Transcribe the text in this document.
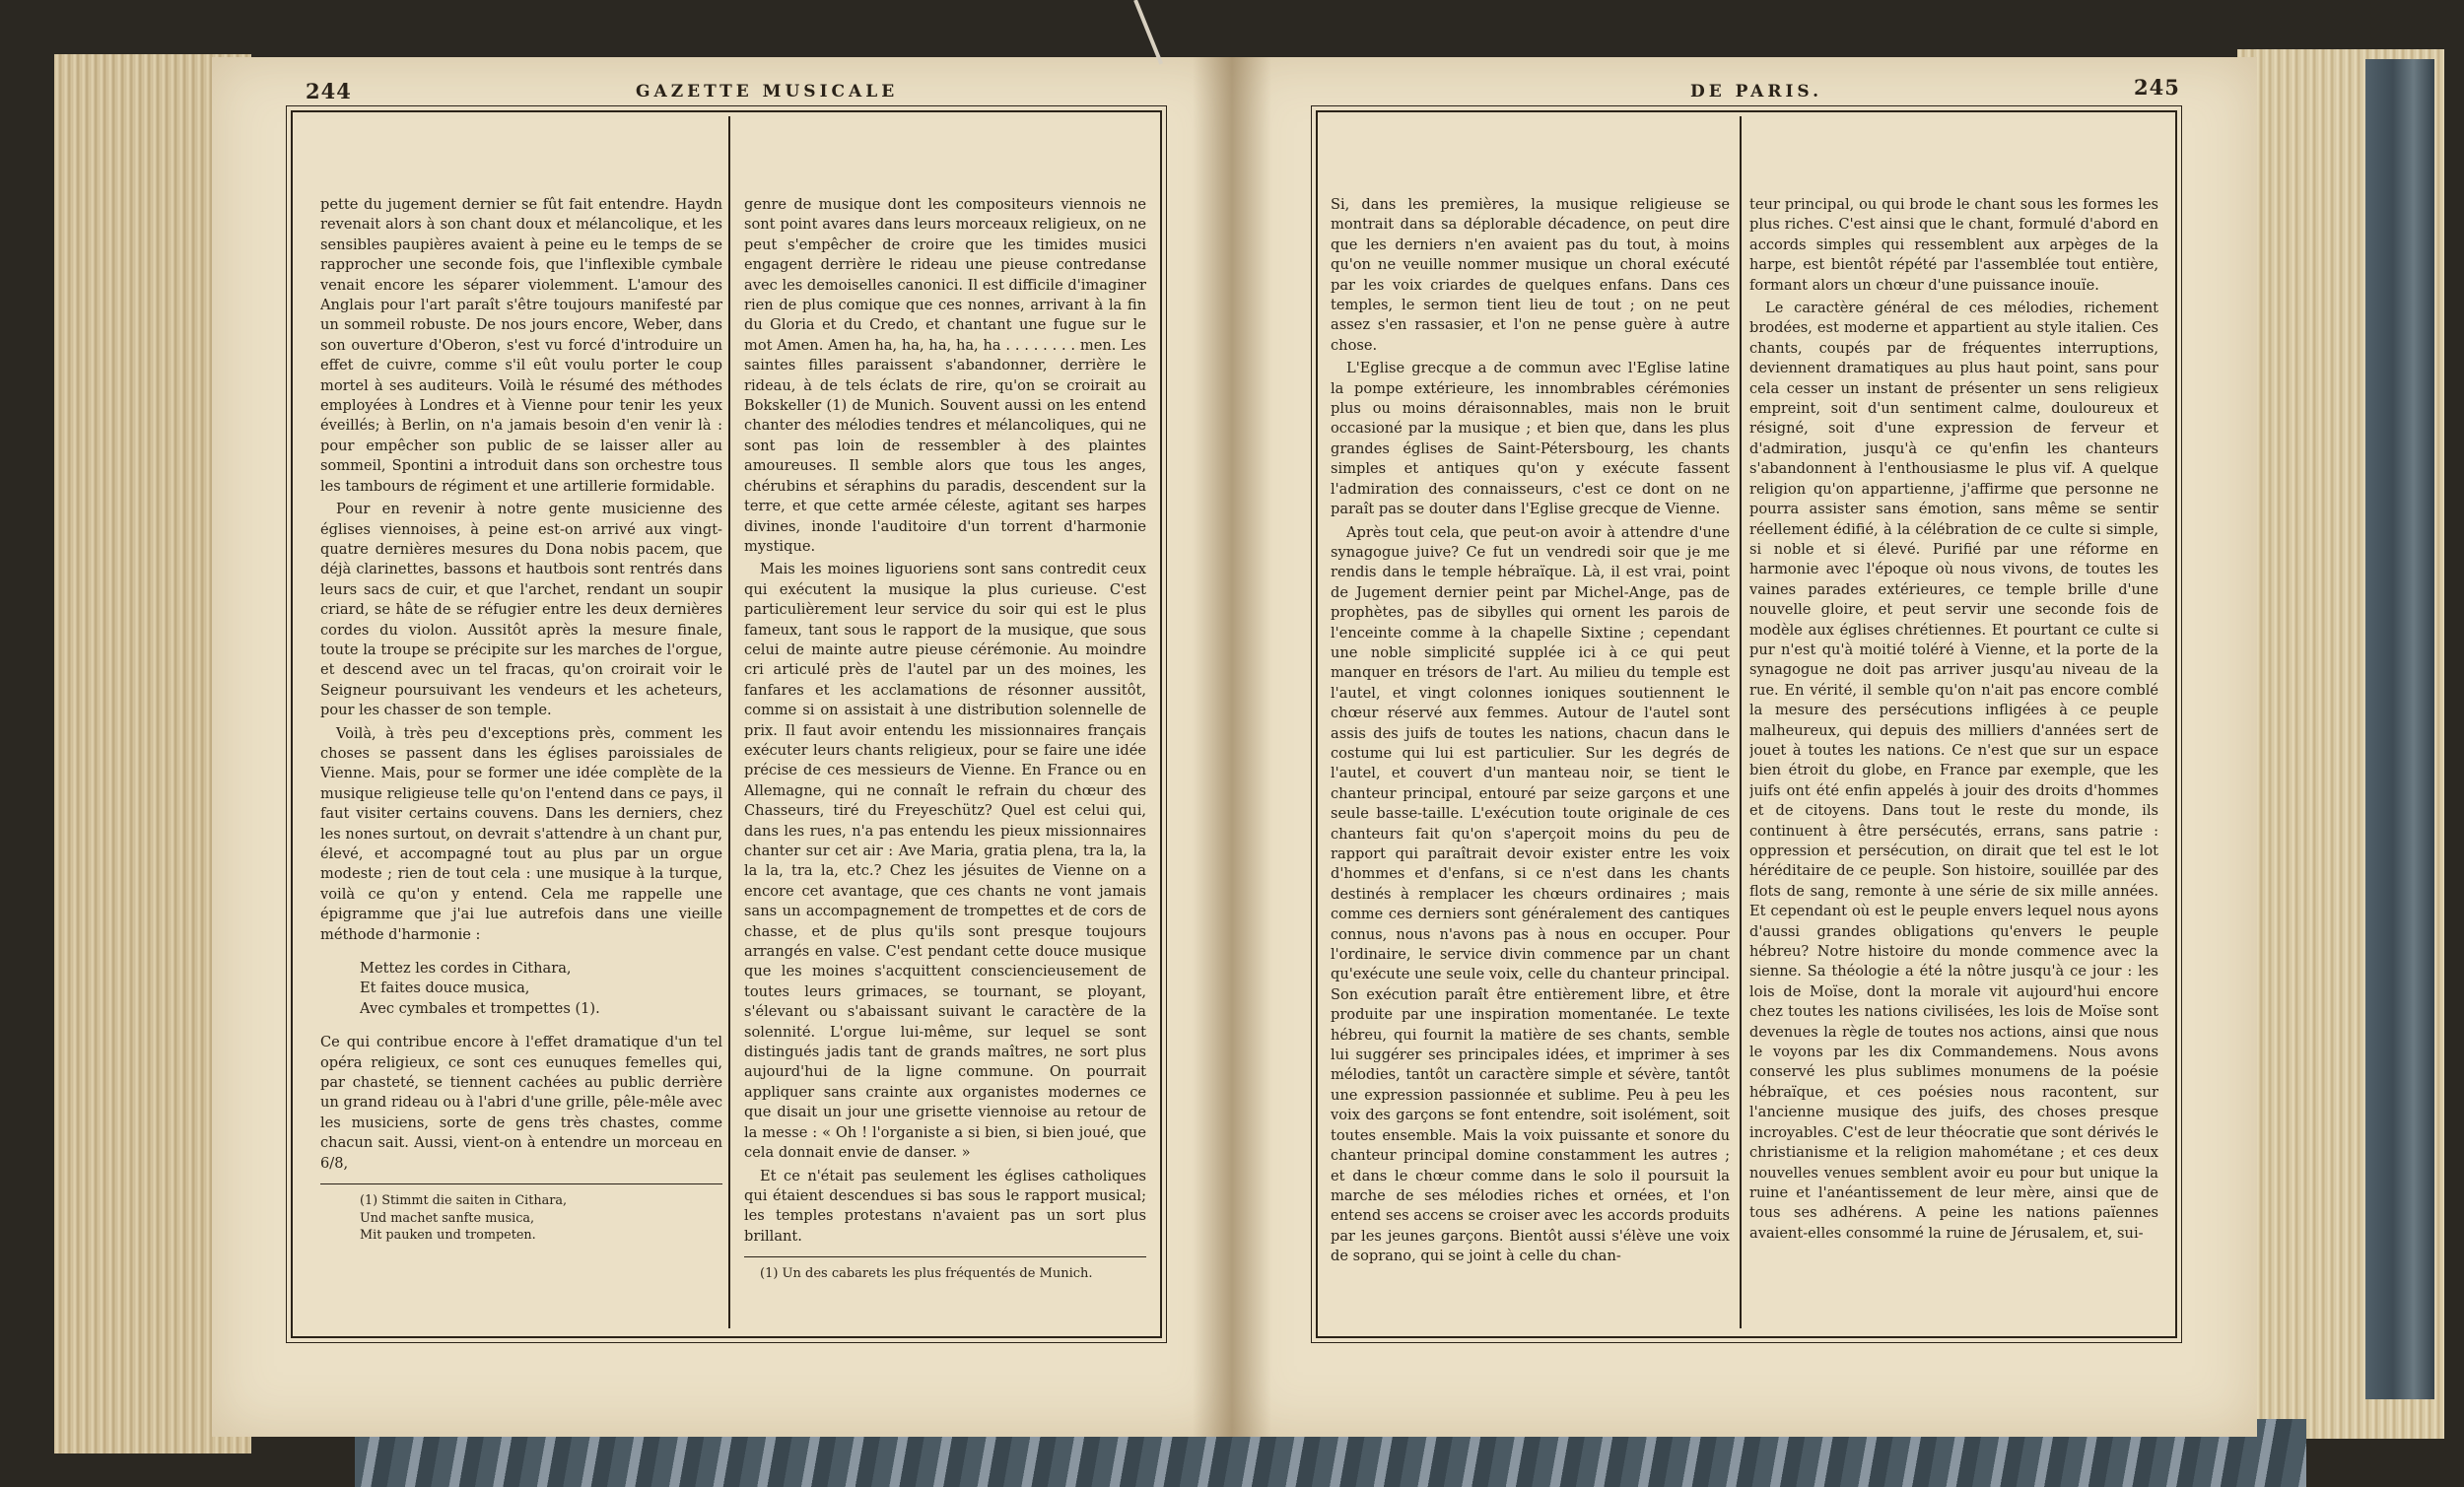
244	GAZETTE MUSICALE	DE PARIS.	245

pette du jugement dernier se fût fait entendre. Haydn revenait alors à son chant doux et mélancolique, et les sensibles paupières avaient à peine eu le temps de se rapprocher une seconde fois, que l'inflexible cymbale venait encore les séparer violemment. L'amour des Anglais pour l'art paraît s'être toujours manifesté par un sommeil robuste. De nos jours encore, Weber, dans son ouverture d'Oberon, s'est vu forcé d'introduire un effet de cuivre, comme s'il eût voulu porter le coup mortel à ses auditeurs. Voilà le résumé des méthodes employées à Londres et à Vienne pour tenir les yeux éveillés; à Berlin, on n'a jamais besoin d'en venir là : pour empêcher son public de se laisser aller au sommeil, Spontini a introduit dans son orchestre tous les tambours de régiment et une artillerie formidable.

Pour en revenir à notre gente musicienne des églises viennoises, à peine est-on arrivé aux vingt-quatre dernières mesures du Dona nobis pacem, que déjà clarinettes, bassons et hautbois sont rentrés dans leurs sacs de cuir, et que l'archet, rendant un soupir criard, se hâte de se réfugier entre les deux dernières cordes du violon. Aussitôt après la mesure finale, toute la troupe se précipite sur les marches de l'orgue, et descend avec un tel fracas, qu'on croirait voir le Seigneur poursuivant les vendeurs et les acheteurs, pour les chasser de son temple.

Voilà, à très peu d'exceptions près, comment les choses se passent dans les églises paroissiales de Vienne. Mais, pour se former une idée complète de la musique religieuse telle qu'on l'entend dans ce pays, il faut visiter certains couvens. Dans les derniers, chez les nones surtout, on devrait s'attendre à un chant pur, élevé, et accompagné tout au plus par un orgue modeste ; rien de tout cela : une musique à la turque, voilà ce qu'on y entend. Cela me rappelle une épigramme que j'ai lue autrefois dans une vieille méthode d'harmonie :

Mettez les cordes in Cithara,
Et faites douce musica,
Avec cymbales et trompettes (1).

Ce qui contribue encore à l'effet dramatique d'un tel opéra religieux, ce sont ces eunuques femelles qui, par chasteté, se tiennent cachées au public derrière un grand rideau ou à l'abri d'une grille, pêle-mêle avec les musiciens, sorte de gens très chastes, comme chacun sait. Aussi, vient-on à entendre un morceau en 6/8,

(1) Stimmt die saiten in Cithara,
Und machet sanfte musica,
Mit pauken und trompeten.

genre de musique dont les compositeurs viennois ne sont point avares dans leurs morceaux religieux, on ne peut s'empêcher de croire que les timides musici engagent derrière le rideau une pieuse contredanse avec les demoiselles canonici. Il est difficile d'imaginer rien de plus comique que ces nonnes, arrivant à la fin du Gloria et du Credo, et chantant une fugue sur le mot Amen. Amen ha, ha, ha, ha, ha . . . . . . . . men. Les saintes filles paraissent s'abandonner, derrière le rideau, à de tels éclats de rire, qu'on se croirait au Bokskeller (1) de Munich. Souvent aussi on les entend chanter des mélodies tendres et mélancoliques, qui ne sont pas loin de ressembler à des plaintes amoureuses. Il semble alors que tous les anges, chérubins et séraphins du paradis, descendent sur la terre, et que cette armée céleste, agitant ses harpes divines, inonde l'auditoire d'un torrent d'harmonie mystique.

Mais les moines liguoriens sont sans contredit ceux qui exécutent la musique la plus curieuse. C'est particulièrement leur service du soir qui est le plus fameux, tant sous le rapport de la musique, que sous celui de mainte autre pieuse cérémonie. Au moindre cri articulé près de l'autel par un des moines, les fanfares et les acclamations de résonner aussitôt, comme si on assistait à une distribution solennelle de prix. Il faut avoir entendu les missionnaires français exécuter leurs chants religieux, pour se faire une idée précise de ces messieurs de Vienne. En France ou en Allemagne, qui ne connaît le refrain du chœur des Chasseurs, tiré du Freyeschütz? Quel est celui qui, dans les rues, n'a pas entendu les pieux missionnaires chanter sur cet air : Ave Maria, gratia plena, tra la, la la la, tra la, etc.? Chez les jésuites de Vienne on a encore cet avantage, que ces chants ne vont jamais sans un accompagnement de trompettes et de cors de chasse, et de plus qu'ils sont presque toujours arrangés en valse. C'est pendant cette douce musique que les moines s'acquittent consciencieusement de toutes leurs grimaces, se tournant, se ployant, s'élevant ou s'abaissant suivant le caractère de la solennité. L'orgue lui-même, sur lequel se sont distingués jadis tant de grands maîtres, ne sort plus aujourd'hui de la ligne commune. On pourrait appliquer sans crainte aux organistes modernes ce que disait un jour une grisette viennoise au retour de la messe : « Oh ! l'organiste a si bien, si bien joué, que cela donnait envie de danser. »

Et ce n'était pas seulement les églises catholiques qui étaient descendues si bas sous le rapport musical; les temples protestans n'avaient pas un sort plus brillant.

(1) Un des cabarets les plus fréquentés de Munich.

Si, dans les premières, la musique religieuse se montrait dans sa déplorable décadence, on peut dire que les derniers n'en avaient pas du tout, à moins qu'on ne veuille nommer musique un choral exécuté par les voix criardes de quelques enfans. Dans ces temples, le sermon tient lieu de tout ; on ne peut assez s'en rassasier, et l'on ne pense guère à autre chose.

L'Eglise grecque a de commun avec l'Eglise latine la pompe extérieure, les innombrables cérémonies plus ou moins déraisonnables, mais non le bruit occasioné par la musique ; et bien que, dans les plus grandes églises de Saint-Pétersbourg, les chants simples et antiques qu'on y exécute fassent l'admiration des connaisseurs, c'est ce dont on ne paraît pas se douter dans l'Eglise grecque de Vienne.

Après tout cela, que peut-on avoir à attendre d'une synagogue juive? Ce fut un vendredi soir que je me rendis dans le temple hébraïque. Là, il est vrai, point de Jugement dernier peint par Michel-Ange, pas de prophètes, pas de sibylles qui ornent les parois de l'enceinte comme à la chapelle Sixtine ; cependant une noble simplicité supplée ici à ce qui peut manquer en trésors de l'art. Au milieu du temple est l'autel, et vingt colonnes ioniques soutiennent le chœur réservé aux femmes. Autour de l'autel sont assis des juifs de toutes les nations, chacun dans le costume qui lui est particulier. Sur les degrés de l'autel, et couvert d'un manteau noir, se tient le chanteur principal, entouré par seize garçons et une seule basse-taille. L'exécution toute originale de ces chanteurs fait qu'on s'aperçoit moins du peu de rapport qui paraîtrait devoir exister entre les voix d'hommes et d'enfans, si ce n'est dans les chants destinés à remplacer les chœurs ordinaires ; mais comme ces derniers sont généralement des cantiques connus, nous n'avons pas à nous en occuper. Pour l'ordinaire, le service divin commence par un chant qu'exécute une seule voix, celle du chanteur principal. Son exécution paraît être entièrement libre, et être produite par une inspiration momentanée. Le texte hébreu, qui fournit la matière de ses chants, semble lui suggérer ses principales idées, et imprimer à ses mélodies, tantôt un caractère simple et sévère, tantôt une expression passionnée et sublime. Peu à peu les voix des garçons se font entendre, soit isolément, soit toutes ensemble. Mais la voix puissante et sonore du chanteur principal domine constamment les autres ; et dans le chœur comme dans le solo il poursuit la marche de ses mélodies riches et ornées, et l'on entend ses accens se croiser avec les accords produits par les jeunes garçons. Bientôt aussi s'élève une voix de soprano, qui se joint à celle du chan-

teur principal, ou qui brode le chant sous les formes les plus riches. C'est ainsi que le chant, formulé d'abord en accords simples qui ressemblent aux arpèges de la harpe, est bientôt répété par l'assemblée tout entière, formant alors un chœur d'une puissance inouïe.

Le caractère général de ces mélodies, richement brodées, est moderne et appartient au style italien. Ces chants, coupés par de fréquentes interruptions, deviennent dramatiques au plus haut point, sans pour cela cesser un instant de présenter un sens religieux empreint, soit d'un sentiment calme, douloureux et résigné, soit d'une expression de ferveur et d'admiration, jusqu'à ce qu'enfin les chanteurs s'abandonnent à l'enthousiasme le plus vif. A quelque religion qu'on appartienne, j'affirme que personne ne pourra assister sans émotion, sans même se sentir réellement édifié, à la célébration de ce culte si simple, si noble et si élevé. Purifié par une réforme en harmonie avec l'époque où nous vivons, de toutes les vaines parades extérieures, ce temple brille d'une nouvelle gloire, et peut servir une seconde fois de modèle aux églises chrétiennes. Et pourtant ce culte si pur n'est qu'à moitié toléré à Vienne, et la porte de la synagogue ne doit pas arriver jusqu'au niveau de la rue. En vérité, il semble qu'on n'ait pas encore comblé la mesure des persécutions infligées à ce peuple malheureux, qui depuis des milliers d'années sert de jouet à toutes les nations. Ce n'est que sur un espace bien étroit du globe, en France par exemple, que les juifs ont été enfin appelés à jouir des droits d'hommes et de citoyens. Dans tout le reste du monde, ils continuent à être persécutés, errans, sans patrie : oppression et persécution, on dirait que tel est le lot héréditaire de ce peuple. Son histoire, souillée par des flots de sang, remonte à une série de six mille années. Et cependant où est le peuple envers lequel nous ayons d'aussi grandes obligations qu'envers le peuple hébreu? Notre histoire du monde commence avec la sienne. Sa théologie a été la nôtre jusqu'à ce jour : les lois de Moïse, dont la morale vit aujourd'hui encore chez toutes les nations civilisées, les lois de Moïse sont devenues la règle de toutes nos actions, ainsi que nous le voyons par les dix Commandemens. Nous avons conservé les plus sublimes monumens de la poésie hébraïque, et ces poésies nous racontent, sur l'ancienne musique des juifs, des choses presque incroyables. C'est de leur théocratie que sont dérivés le christianisme et la religion mahométane ; et ces deux nouvelles venues semblent avoir eu pour but unique la ruine et l'anéantissement de leur mère, ainsi que de tous ses adhérens. A peine les nations païennes avaient-elles consommé la ruine de Jérusalem, et, sui-
